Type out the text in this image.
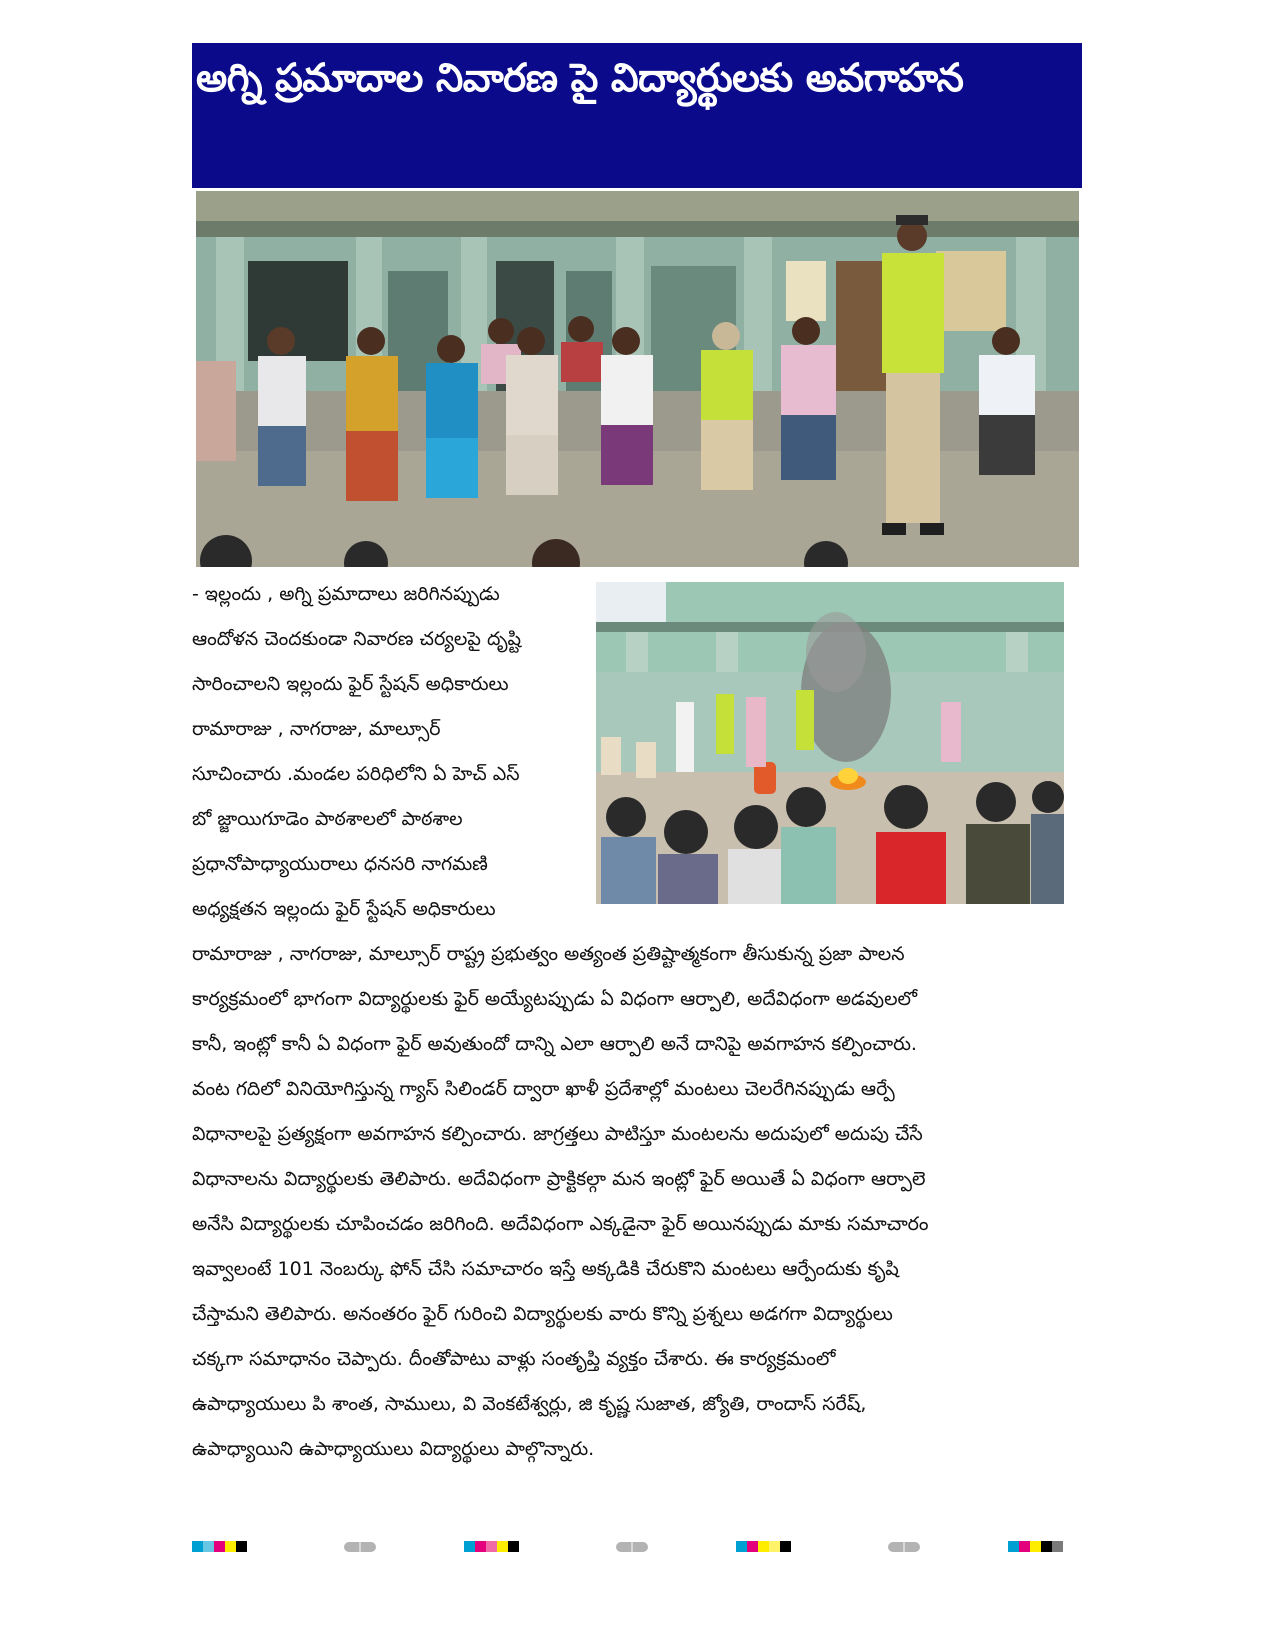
అగ్ని ప్రమాదాల నివారణ పై విద్యార్థులకు అవగాహన
- ఇల్లందు , అగ్ని ప్రమాదాలు జరిగినప్పుడు
ఆందోళన చెందకుండా నివారణ చర్యలపై దృష్టి
సారించాలని ఇల్లందు ఫైర్ స్టేషన్ అధికారులు
రామారాజు , నాగరాజు, మాల్సూర్
సూచించారు .మండల పరిధిలోని ఏ హెచ్ ఎస్
బో జ్జాయిగూడెం పాఠశాలలో పాఠశాల
ప్రధానోపాధ్యాయురాలు ధనసరి నాగమణి
అధ్యక్షతన ఇల్లందు ఫైర్ స్టేషన్ అధికారులు
రామారాజు , నాగరాజు, మాల్సూర్ రాష్ట్ర ప్రభుత్వం అత్యంత ప్రతిష్టాత్మకంగా తీసుకున్న ప్రజా పాలన
కార్యక్రమంలో భాగంగా విద్యార్థులకు ఫైర్ అయ్యేటప్పుడు ఏ విధంగా ఆర్పాలి, అదేవిధంగా అడవులలో
కానీ, ఇంట్లో కానీ ఏ విధంగా ఫైర్ అవుతుందో దాన్ని ఎలా ఆర్పాలి అనే దానిపై అవగాహన కల్పించారు.
వంట గదిలో వినియోగిస్తున్న గ్యాస్ సిలిండర్ ద్వారా ఖాళీ ప్రదేశాల్లో మంటలు చెలరేగినప్పుడు ఆర్పే
విధానాలపై ప్రత్యక్షంగా అవగాహన కల్పించారు. జాగ్రత్తలు పాటిస్తూ మంటలను అదుపులో అదుపు చేసే
విధానాలను విద్యార్థులకు తెలిపారు. అదేవిధంగా ప్రాక్టికల్గా మన ఇంట్లో ఫైర్ అయితే ఏ విధంగా ఆర్పాలె
అనేసి విద్యార్థులకు చూపించడం జరిగింది. అదేవిధంగా ఎక్కడైనా ఫైర్ అయినప్పుడు మాకు సమాచారం
ఇవ్వాలంటే 101 నెంబర్కు ఫోన్ చేసి సమాచారం ఇస్తే అక్కడికి చేరుకొని మంటలు ఆర్పేందుకు కృషి
చేస్తామని తెలిపారు. అనంతరం ఫైర్ గురించి విద్యార్థులకు వారు కొన్ని ప్రశ్నలు అడగగా విద్యార్థులు
చక్కగా సమాధానం చెప్పారు. దీంతోపాటు వాళ్లు సంతృప్తి వ్యక్తం చేశారు. ఈ కార్యక్రమంలో
ఉపాధ్యాయులు పి శాంత, సాములు, వి వెంకటేశ్వర్లు, జి కృష్ణ సుజాత, జ్యోతి, రాందాస్ సరేష్,
ఉపాధ్యాయిని ఉపాధ్యాయులు విద్యార్థులు పాల్గొన్నారు.
